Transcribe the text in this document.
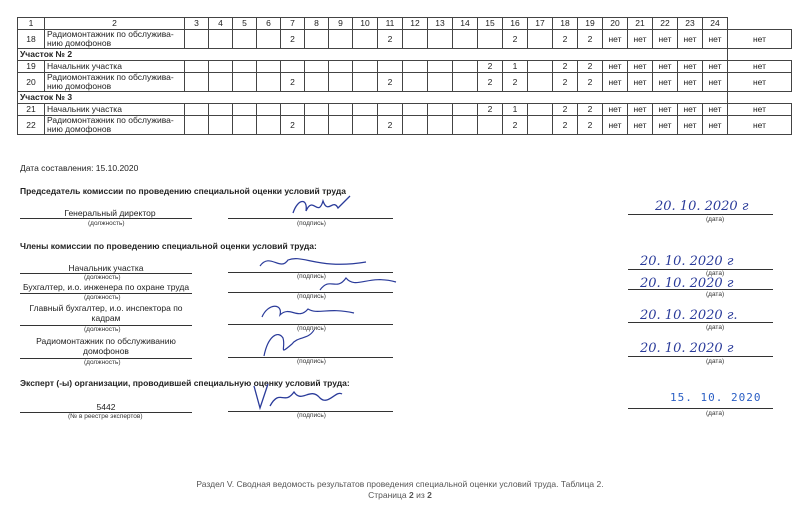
1	2	3	4	5	6	7	8	9	10	11	12	13	14	15	16	17	18	19	20	21	22	23	24	
18	Радиомонтажник по обслужива-нию домофонов					2				2					2		2	2	нет	нет	нет	нет	нет	нет
Участок № 2																								
19	Начальник участка													2	1		2	2	нет	нет	нет	нет	нет	нет
20	Радиомонтажник по обслужива-нию домофонов					2				2				2	2		2	2	нет	нет	нет	нет	нет	нет
Участок № 3																								
21	Начальник участка													2	1		2	2	нет	нет	нет	нет	нет	нет
22	Радиомонтажник по обслужива-нию домофонов					2				2					2		2	2	нет	нет	нет	нет	нет	нет
Дата составления: 15.10.2020
Председатель комиссии по проведению специальной оценки условий труда
Генеральный директор
(должность)	(подпись)
20. 10. 2020 г
(дата)
Члены комиссии по проведению специальной оценки условий труда:
Начальник участка
(должность)	(подпись)
20. 10. 2020 г
(дата)
Бухгалтер, и.о. инженера по охране труда
(должность)	(подпись)
20. 10. 2020 г
(дата)
Главный бухгалтер, и.о. инспектора по кадрам
(должность)	(подпись)
20. 10. 2020 г.
(дата)
Радиомонтажник по обслуживанию домофонов
(должность)	(подпись)
20. 10. 2020 г
(дата)
Эксперт (-ы) организации, проводившей специальную оценку условий труда:
5442
(№ в реестре экспертов)	(подпись)
15. 10. 2020
(дата)
Раздел V. Сводная ведомость результатов проведения специальной оценки условий труда. Таблица 2.
Страница 2 из 2
